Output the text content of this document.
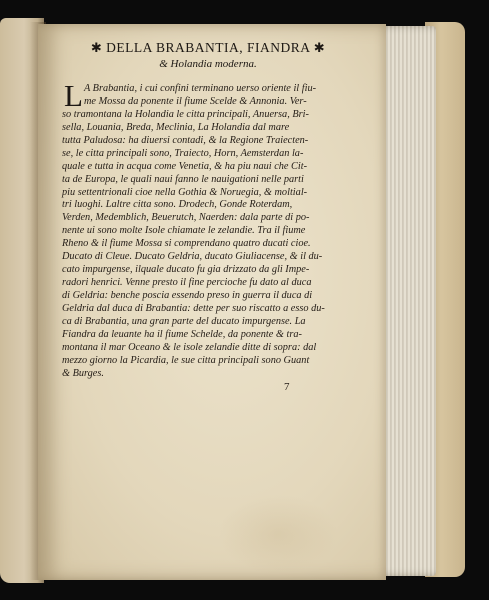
✱ DELLA BRABANTIA, FIANDRA ✱
& Holandia moderna.
L A Brabantia, i cui confini terminano uerso oriente il fiu-
me Mossa da ponente il fiume Scelde & Annonia. Ver-
so tramontana la Holandia le citta principali, Anuersa, Bri-
sella, Louania, Breda, Meclinia, La Holandia dal mare
tutta Paludosa: ha diuersi contadi, & la Regione Traiecten-
se, le citta principali sono, Traiecto, Horn, Aemsterdan la-
quale e tutta in acqua come Venetia, & ha piu naui che Cit-
ta de Europa, le quali naui fanno le nauigationi nelle parti
piu settentrionali cioe nella Gothia & Noruegia, & moltial-
tri luoghi. Laltre citta sono. Drodech, Gonde Roterdam,
Verden, Medemblich, Beuerutch, Naerden: dala parte di po-
nente ui sono molte Isole chiamate le zelandie. Tra il fiume
Rheno & il fiume Mossa si comprendano quatro ducati cioe.
Ducato di Cleue. Ducato Geldria, ducato Giuliacense, & il du-
cato impurgense, ilquale ducato fu gia drizzato da gli Impe-
radori henrici. Venne presto il fine percioche fu dato al duca
di Geldria: benche poscia essendo preso in guerra il duca di
Geldria dal duca di Brabantia: dette per suo riscatto a esso du-
ca di Brabantia, una gran parte del ducato impurgense. La
Fiandra da leuante ha il fiume Schelde, da ponente & tra-
montana il mar Oceano & le isole zelandie ditte di sopra: dal
mezzo giorno la Picardia, le sue citta principali sono Guant
& Burges.
7
